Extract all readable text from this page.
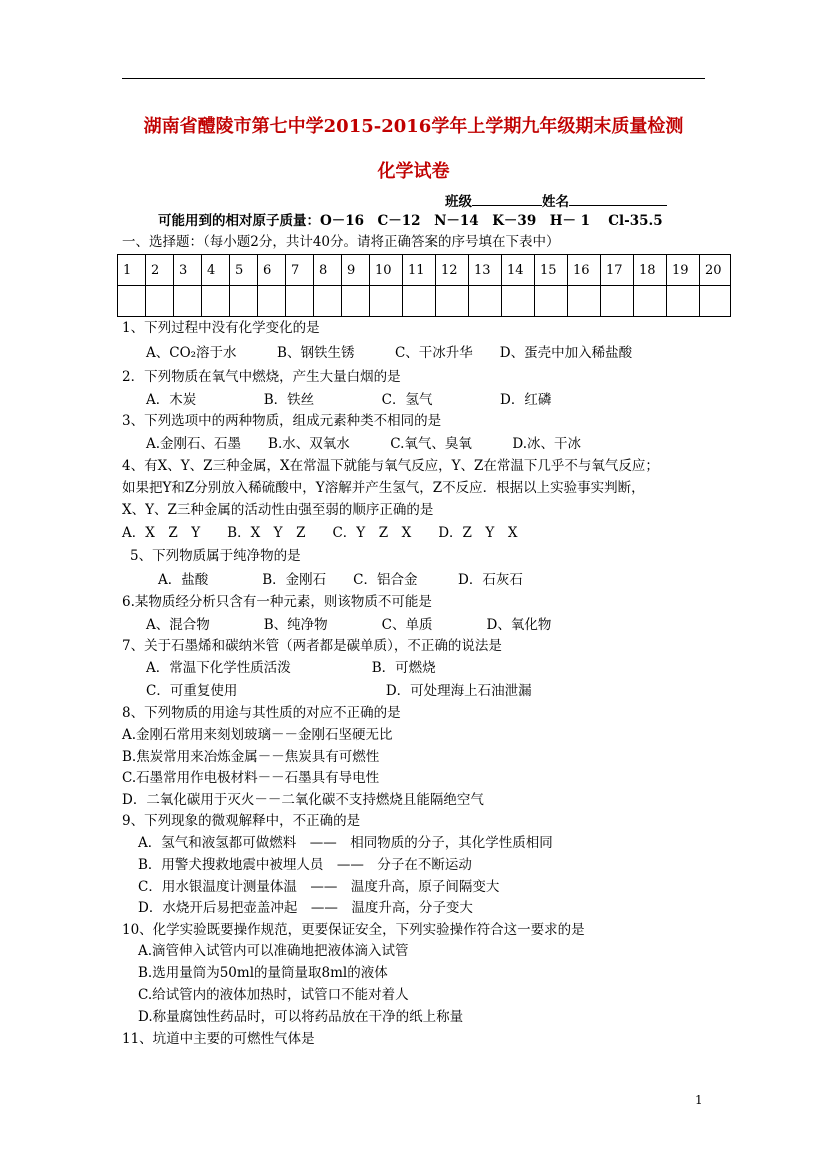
湖南省醴陵市第七中学2015-2016学年上学期九年级期末质量检测
化学试卷
班级	姓名
可能用到的相对原子质量：O－16　C－12　N－14　K－39　H－ 1　 Cl-35.5
一、选择题：（每小题2分，共计40分。请将正确答案的序号填在下表中）
1	2	3	4	5	6	7	8	9	10	11	12	13	14	15	16	17	18	19	20

1、下列过程中没有化学变化的是
A、CO₂溶于水　　　B、钢铁生锈　　　C、干冰升华　　D、蛋壳中加入稀盐酸
2．下列物质在氧气中燃烧，产生大量白烟的是
A．木炭　　　　　B．铁丝　　　　　C．氢气　　　　　D．红磷
3、下列选项中的两种物质，组成元素种类不相同的是
A.金刚石、石墨　　B.水、双氧水　　　C.氧气、臭氧　　　D.冰、干冰
4、有X、Y、Z三种金属，X在常温下就能与氧气反应，Y、Z在常温下几乎不与氧气反应；
如果把Y和Z分别放入稀硫酸中，Y溶解并产生氢气，Z不反应．根据以上实验事实判断，
X、Y、Z三种金属的活动性由强至弱的顺序正确的是
A．X　Z　Y　　B．X　Y　Z　　C．Y　Z　X　　D．Z　Y　X
5、下列物质属于纯净物的是
A．盐酸　　　　B．金刚石　　C．铝合金　　　D．石灰石
6.某物质经分析只含有一种元素，则该物质不可能是
A、混合物　　　　B、纯净物　　　　C、单质　　　　D、氧化物
7、关于石墨烯和碳纳米管（两者都是碳单质），不正确的说法是
A．常温下化学性质活泼　　　　　　B．可燃烧
C．可重复使用　　　　　　　　　　　D．可处理海上石油泄漏
8、下列物质的用途与其性质的对应不正确的是
A.金刚石常用来刻划玻璃－－金刚石坚硬无比
B.焦炭常用来冶炼金属－－焦炭具有可燃性
C.石墨常用作电极材料－－石墨具有导电性
D．二氧化碳用于灭火－－二氧化碳不支持燃烧且能隔绝空气
9、下列现象的微观解释中，不正确的是
A．氢气和液氢都可做燃料　——　相同物质的分子，其化学性质相同
B．用警犬搜救地震中被埋人员　——　分子在不断运动
C．用水银温度计测量体温　——　温度升高，原子间隔变大
D．水烧开后易把壶盖冲起　——　温度升高，分子变大
10、化学实验既要操作规范，更要保证安全，下列实验操作符合这一要求的是
A.滴管伸入试管内可以准确地把液体滴入试管
B.选用量筒为50ml的量筒量取8ml的液体
C.给试管内的液体加热时，试管口不能对着人
D.称量腐蚀性药品时，可以将药品放在干净的纸上称量
11、坑道中主要的可燃性气体是
1
